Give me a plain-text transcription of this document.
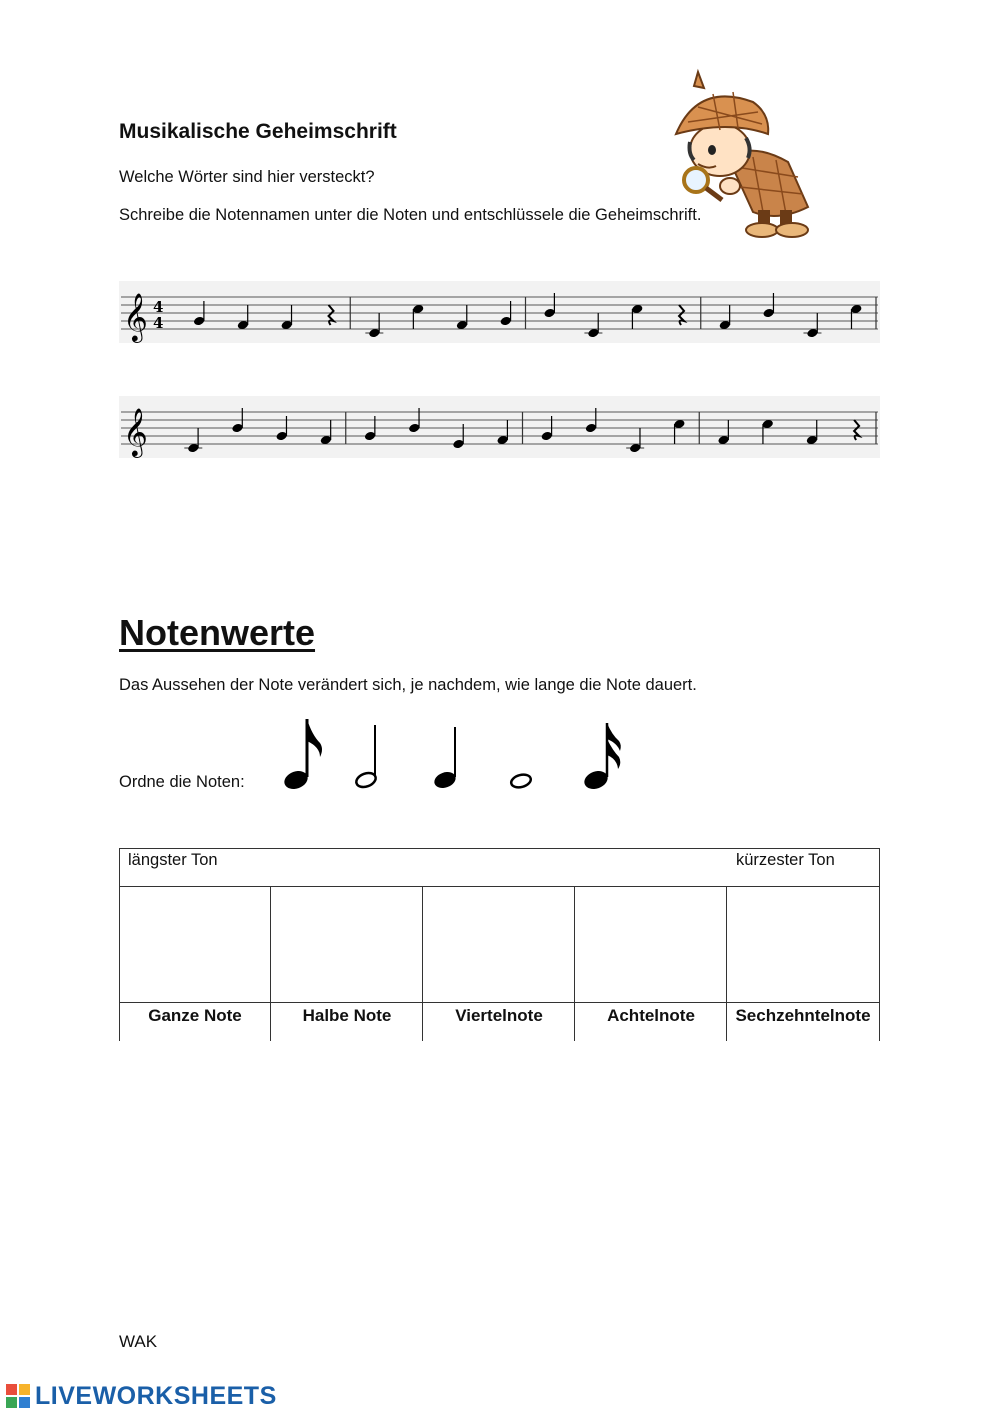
Musikalische Geheimschrift
Welche Wörter sind hier versteckt?
Schreibe die Notennamen unter die Noten und entschlüssele die Geheimschrift.
𝄞 4
4
𝄞
Notenwerte
Das Aussehen der Note verändert sich, je nachdem, wie lange die Note dauert.
Ordne die Noten:
längster Ton	kürzester Ton
Ganze Note	Halbe Note	Viertelnote	Achtelnote	Sechzehntelnote
WAK
LIVEWORKSHEETS
